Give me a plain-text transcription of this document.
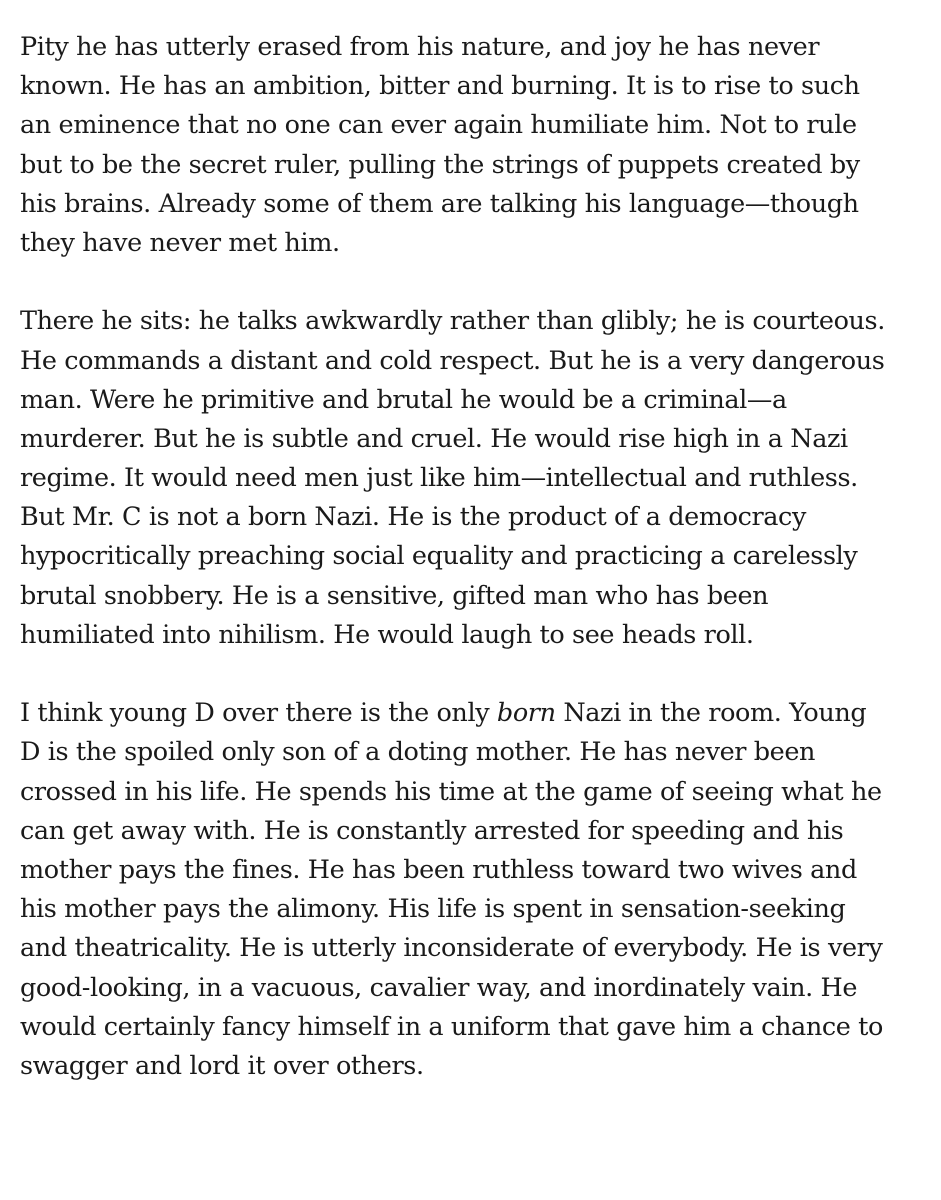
Pity he has utterly erased from his nature, and joy he has never
known. He has an ambition, bitter and burning. It is to rise to such
an eminence that no one can ever again humiliate him. Not to rule
but to be the secret ruler, pulling the strings of puppets created by
his brains. Already some of them are talking his language—though
they have never met him.
There he sits: he talks awkwardly rather than glibly; he is courteous.
He commands a distant and cold respect. But he is a very dangerous
man. Were he primitive and brutal he would be a criminal—a
murderer. But he is subtle and cruel. He would rise high in a Nazi
regime. It would need men just like him—intellectual and ruthless.
But Mr. C is not a born Nazi. He is the product of a democracy
hypocritically preaching social equality and practicing a carelessly
brutal snobbery. He is a sensitive, gifted man who has been
humiliated into nihilism. He would laugh to see heads roll.
I think young D over there is the only born Nazi in the room. Young
D is the spoiled only son of a doting mother. He has never been
crossed in his life. He spends his time at the game of seeing what he
can get away with. He is constantly arrested for speeding and his
mother pays the fines. He has been ruthless toward two wives and
his mother pays the alimony. His life is spent in sensation-seeking
and theatricality. He is utterly inconsiderate of everybody. He is very
good-looking, in a vacuous, cavalier way, and inordinately vain. He
would certainly fancy himself in a uniform that gave him a chance to
swagger and lord it over others.
